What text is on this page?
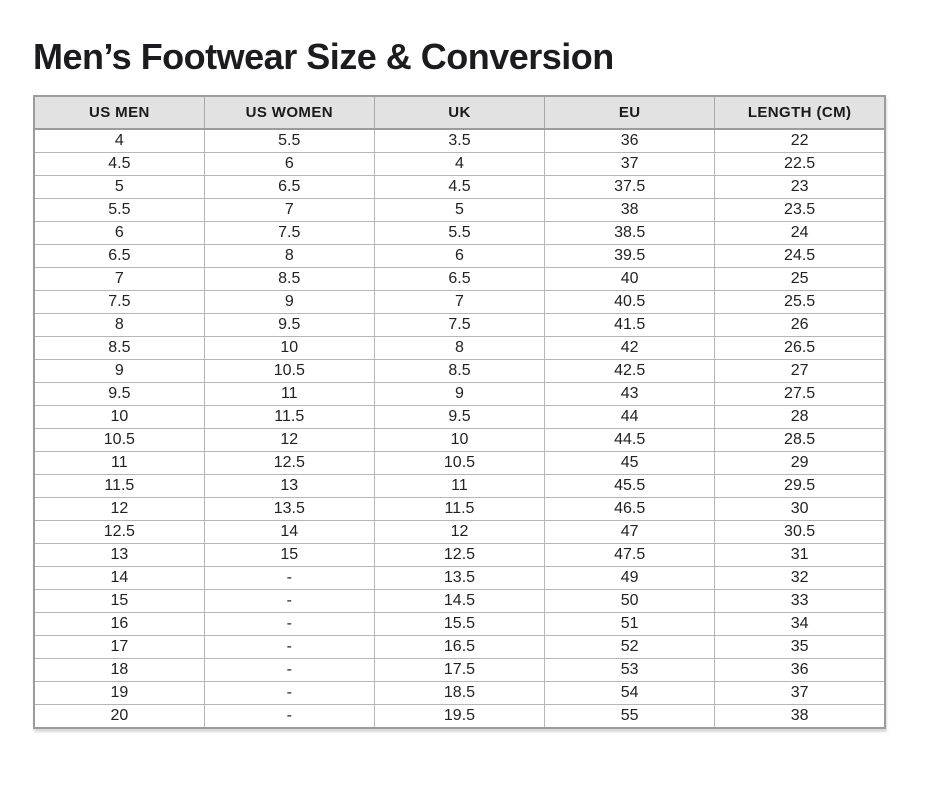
Men’s Footwear Size & Conversion
US MEN	US WOMEN	UK	EU	LENGTH (CM)
4	5.5	3.5	36	22
4.5	6	4	37	22.5
5	6.5	4.5	37.5	23
5.5	7	5	38	23.5
6	7.5	5.5	38.5	24
6.5	8	6	39.5	24.5
7	8.5	6.5	40	25
7.5	9	7	40.5	25.5
8	9.5	7.5	41.5	26
8.5	10	8	42	26.5
9	10.5	8.5	42.5	27
9.5	11	9	43	27.5
10	11.5	9.5	44	28
10.5	12	10	44.5	28.5
11	12.5	10.5	45	29
11.5	13	11	45.5	29.5
12	13.5	11.5	46.5	30
12.5	14	12	47	30.5
13	15	12.5	47.5	31
14	-	13.5	49	32
15	-	14.5	50	33
16	-	15.5	51	34
17	-	16.5	52	35
18	-	17.5	53	36
19	-	18.5	54	37
20	-	19.5	55	38
